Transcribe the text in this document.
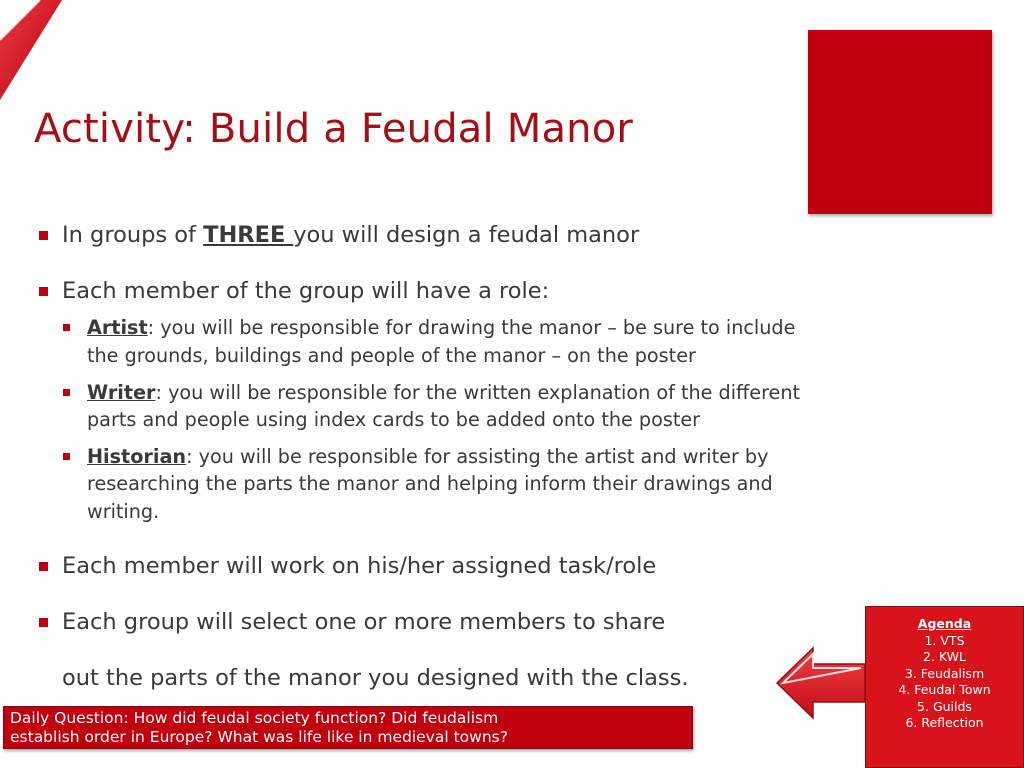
Activity: Build a Feudal Manor

In groups of THREE you will design a feudal manor

Each member of the group will have a role:

Artist: you will be responsible for drawing the manor – be sure to include

the grounds, buildings and people of the manor – on the poster

Writer: you will be responsible for the written explanation of the different

parts and people using index cards to be added onto the poster

Historian: you will be responsible for assisting the artist and writer by

researching the parts the manor and helping inform their drawings and

writing.

Each member will work on his/her assigned task/role

Each group will select one or more members to share

out the parts of the manor you designed with the class.

Agenda
1. VTS
2. KWL
3. Feudalism
4. Feudal Town
5. Guilds
6. Reflection
Daily Question: How did feudal society function? Did feudalism
establish order in Europe? What was life like in medieval towns?
